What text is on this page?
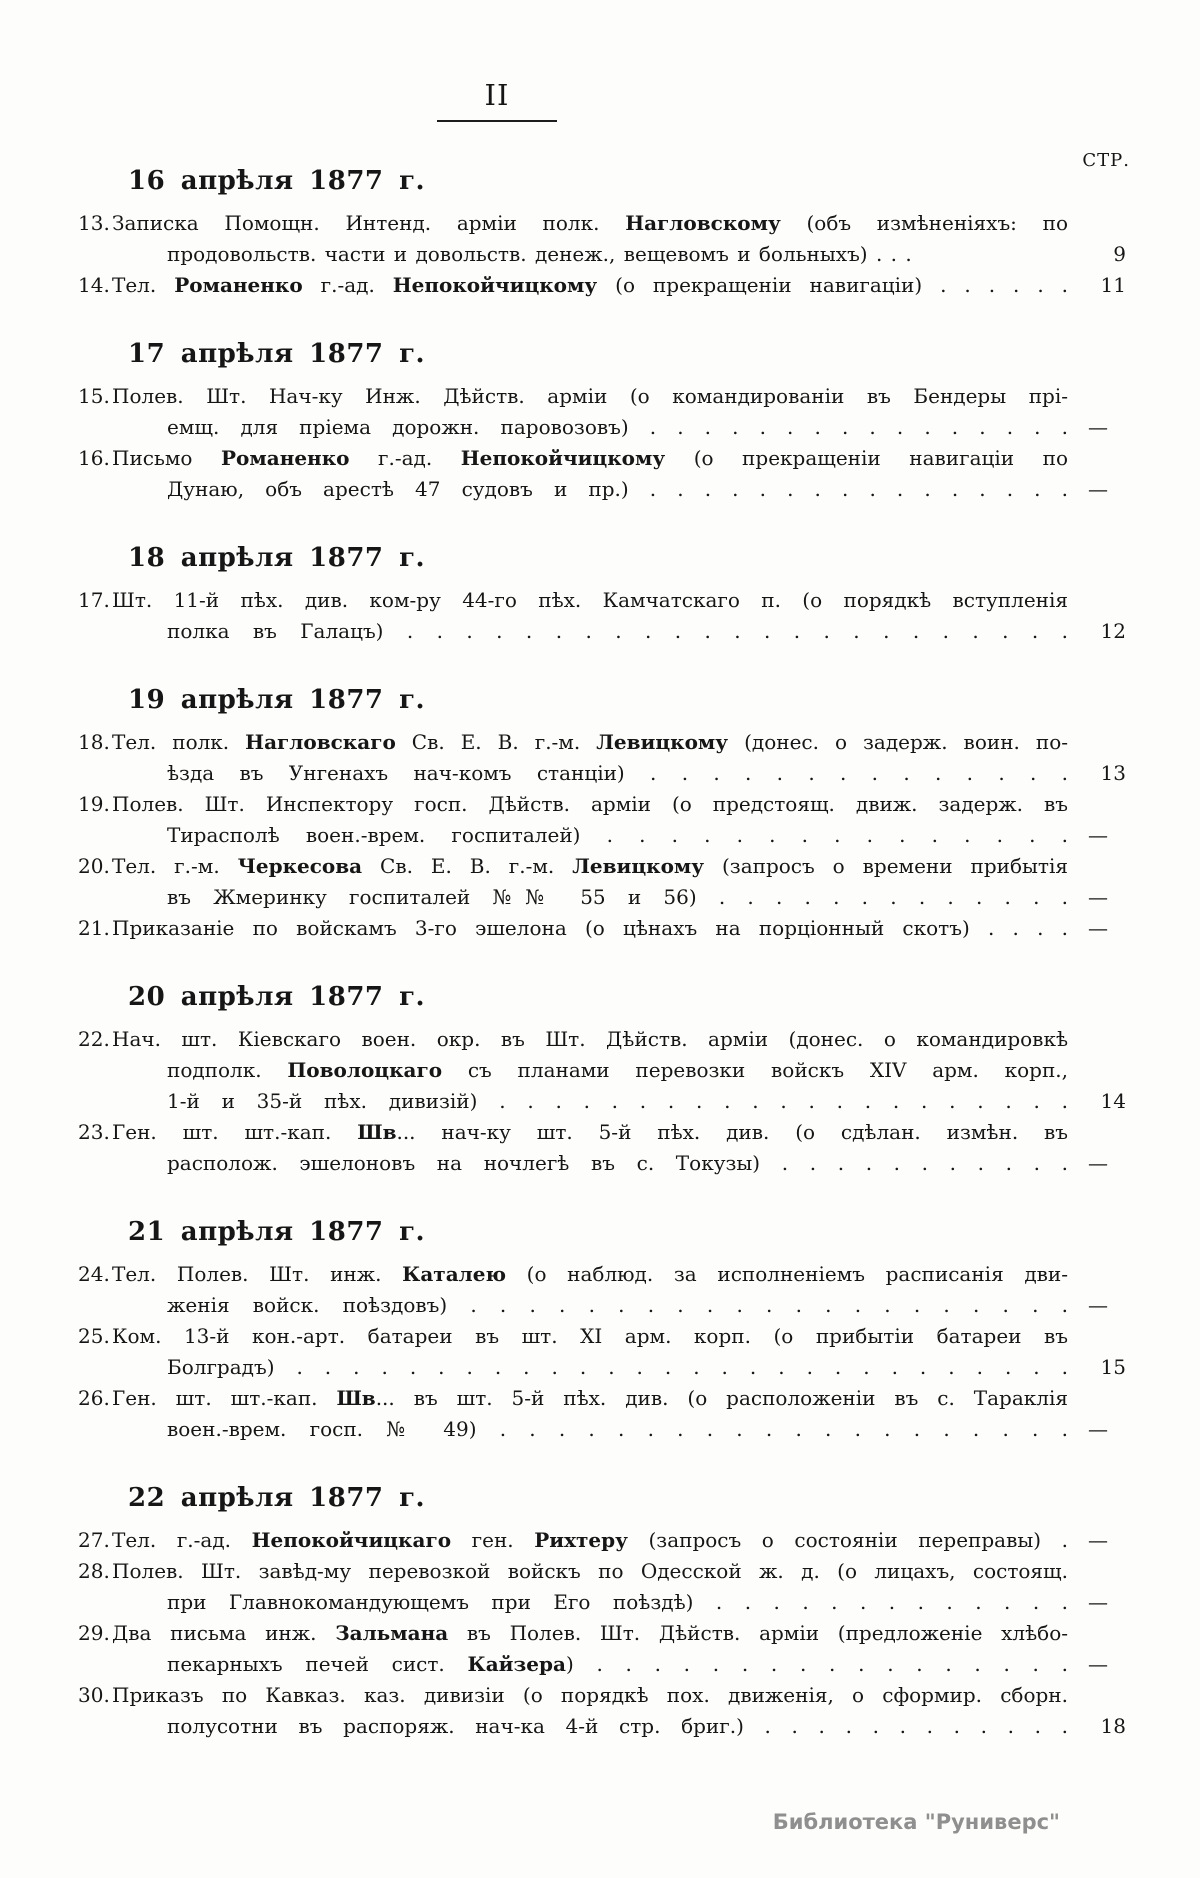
II
СТР.
16 апрѣля 1877 г.
13. Записка Помощн. Интенд. арміи полк. Нагловскому (объ измѣненіяхъ: по
продовольств. части и довольств. денеж., вещевомъ и больныхъ) . . .	9
14. Тел. Романенко г.-ад. Непокойчицкому (о прекращеніи навигаціи) . . . . . .	11
17 апрѣля 1877 г.
15. Полев. Шт. Нач-ку Инж. Дѣйств. арміи (о командированіи въ Бендеры прі-
емщ. для пріема дорожн. паровозовъ) . . . . . . . . . . . . . . . .	—
16. Письмо Романенко г.-ад. Непокойчицкому (о прекращеніи навигаціи по
Дунаю, объ арестѣ 47 судовъ и пр.) . . . . . . . . . . . . . . . .	—
18 апрѣля 1877 г.
17. Шт. 11-й пѣх. див. ком-ру 44-го пѣх. Камчатскаго п. (о порядкѣ вступленія
полка въ Галацъ) . . . . . . . . . . . . . . . . . . . . . . .	12
19 апрѣля 1877 г.
18. Тел. полк. Нагловскаго Св. Е. В. г.-м. Левицкому (донес. о задерж. воин. по-
ѣзда въ Унгенахъ нач-комъ станціи) . . . . . . . . . . . . . .	13
19. Полев. Шт. Инспектору госп. Дѣйств. арміи (о предстоящ. движ. задерж. въ
Тирасполѣ воен.-врем. госпиталей) . . . . . . . . . . . . . . .	—
20. Тел. г.-м. Черкесова Св. Е. В. г.-м. Левицкому (запросъ о времени прибытія
въ Жмеринку госпиталей №№ 55 и 56) . . . . . . . . . . . . .	—
21. Приказаніе по войскамъ 3-го эшелона (о цѣнахъ на порціонный скотъ) . . . .	—
20 апрѣля 1877 г.
22. Нач. шт. Кіевскаго воен. окр. въ Шт. Дѣйств. арміи (донес. о командировкѣ
подполк. Поволоцкаго съ планами перевозки войскъ XIV арм. корп.,
1-й и 35-й пѣх. дивизій) . . . . . . . . . . . . . . . . . . . . .	14
23. Ген. шт. шт.-кап. Шв... нач-ку шт. 5-й пѣх. див. (о сдѣлан. измѣн. въ
располож. эшелоновъ на ночлегѣ въ с. Токузы) . . . . . . . . . . .	—
21 апрѣля 1877 г.
24. Тел. Полев. Шт. инж. Каталею (о наблюд. за исполненіемъ расписанія дви-
женія войск. поѣздовъ) . . . . . . . . . . . . . . . . . . . . .	—
25. Ком. 13-й кон.-арт. батареи въ шт. XI арм. корп. (о прибытіи батареи въ
Болградъ) . . . . . . . . . . . . . . . . . . . . . . . . . . . .	15
26. Ген. шт. шт.-кап. Шв... въ шт. 5-й пѣх. див. (о расположеніи въ с. Тараклія
воен.-врем. госп. № 49) . . . . . . . . . . . . . . . . . . . .	—
22 апрѣля 1877 г.
27. Тел. г.-ад. Непокойчицкаго ген. Рихтеру (запросъ о состояніи переправы) .	—
28. Полев. Шт. завѣд-му перевозкой войскъ по Одесской ж. д. (о лицахъ, состоящ.
при Главнокомандующемъ при Его поѣздѣ) . . . . . . . . . . . . .	—
29. Два письма инж. Зальмана въ Полев. Шт. Дѣйств. арміи (предложеніе хлѣбо-
пекарныхъ печей сист. Кайзера) . . . . . . . . . . . . . . . . .	—
30. Приказъ по Кавказ. каз. дивизіи (о порядкѣ пох. движенія, о сформир. сборн.
полусотни въ распоряж. нач-ка 4-й стр. бриг.) . . . . . . . . . . . .	18
Библиотека "Руниверс"
